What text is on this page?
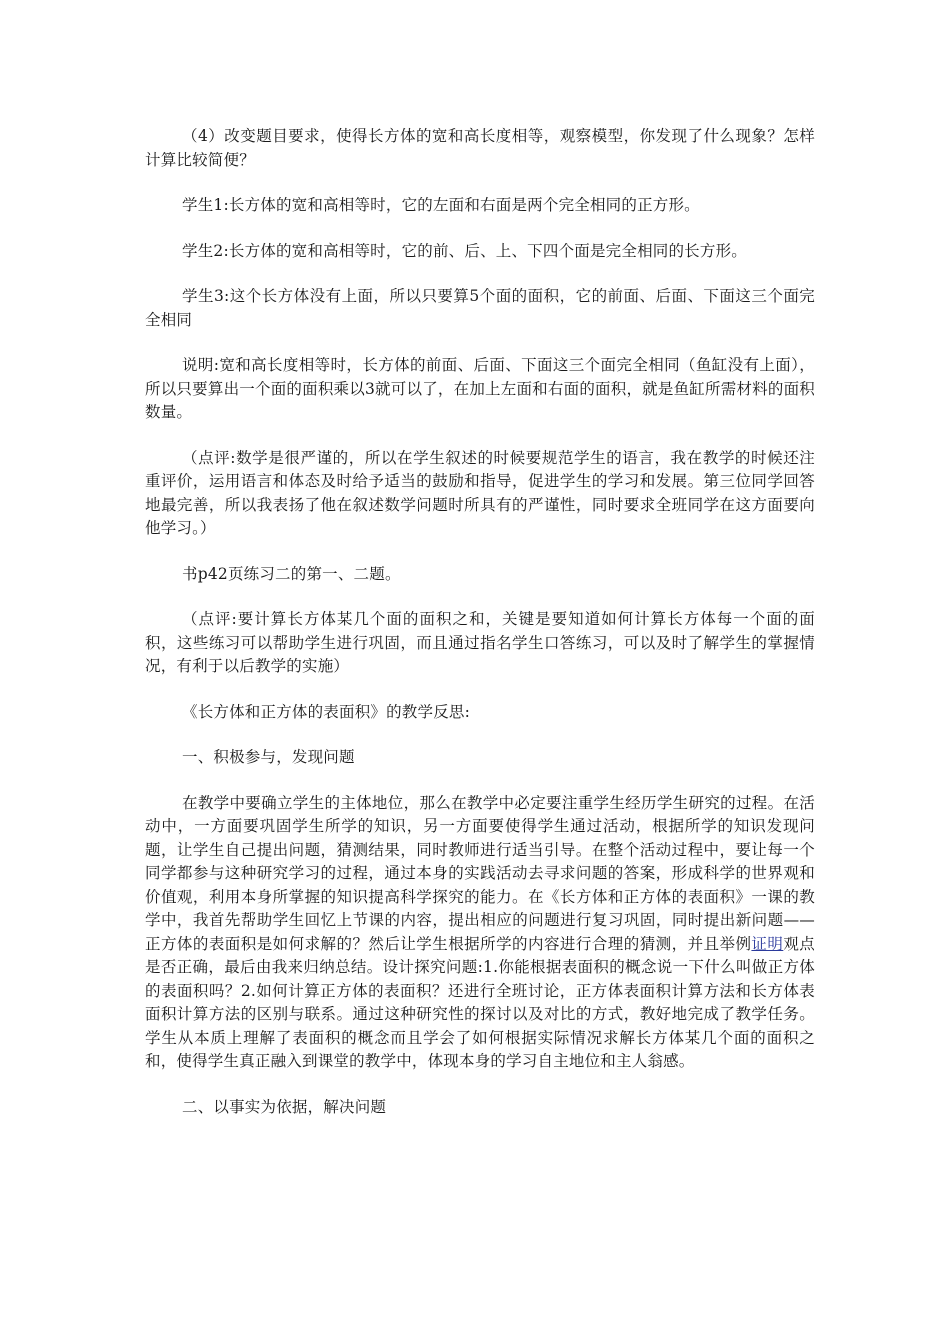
（4）改变题目要求，使得长方体的宽和高长度相等，观察模型，你发现了什么现象？怎样计算比较简便？

学生1:长方体的宽和高相等时，它的左面和右面是两个完全相同的正方形。

学生2:长方体的宽和高相等时，它的前、后、上、下四个面是完全相同的长方形。

学生3:这个长方体没有上面，所以只要算5个面的面积，它的前面、后面、下面这三个面完全相同

说明:宽和高长度相等时，长方体的前面、后面、下面这三个面完全相同（鱼缸没有上面），所以只要算出一个面的面积乘以3就可以了，在加上左面和右面的面积，就是鱼缸所需材料的面积数量。

（点评:数学是很严谨的，所以在学生叙述的时候要规范学生的语言，我在教学的时候还注重评价，运用语言和体态及时给予适当的鼓励和指导，促进学生的学习和发展。第三位同学回答地最完善，所以我表扬了他在叙述数学问题时所具有的严谨性，同时要求全班同学在这方面要向他学习。）

书p42页练习二的第一、二题。

（点评:要计算长方体某几个面的面积之和，关键是要知道如何计算长方体每一个面的面积，这些练习可以帮助学生进行巩固，而且通过指名学生口答练习，可以及时了解学生的掌握情况，有利于以后教学的实施）

《长方体和正方体的表面积》的教学反思:

一、积极参与，发现问题

在教学中要确立学生的主体地位，那么在教学中必定要注重学生经历学生研究的过程。在活动中，一方面要巩固学生所学的知识，另一方面要使得学生通过活动，根据所学的知识发现问题，让学生自己提出问题，猜测结果，同时教师进行适当引导。在整个活动过程中，要让每一个同学都参与这种研究学习的过程，通过本身的实践活动去寻求问题的答案，形成科学的世界观和价值观，利用本身所掌握的知识提高科学探究的能力。在《长方体和正方体的表面积》一课的教学中，我首先帮助学生回忆上节课的内容，提出相应的问题进行复习巩固，同时提出新问题——正方体的表面积是如何求解的？然后让学生根据所学的内容进行合理的猜测，并且举例证明观点是否正确，最后由我来归纳总结。设计探究问题:1.你能根据表面积的概念说一下什么叫做正方体的表面积吗？2.如何计算正方体的表面积？还进行全班讨论，正方体表面积计算方法和长方体表面积计算方法的区别与联系。通过这种研究性的探讨以及对比的方式，教好地完成了教学任务。学生从本质上理解了表面积的概念而且学会了如何根据实际情况求解长方体某几个面的面积之和，使得学生真正融入到课堂的教学中，体现本身的学习自主地位和主人翁感。

二、以事实为依据，解决问题
